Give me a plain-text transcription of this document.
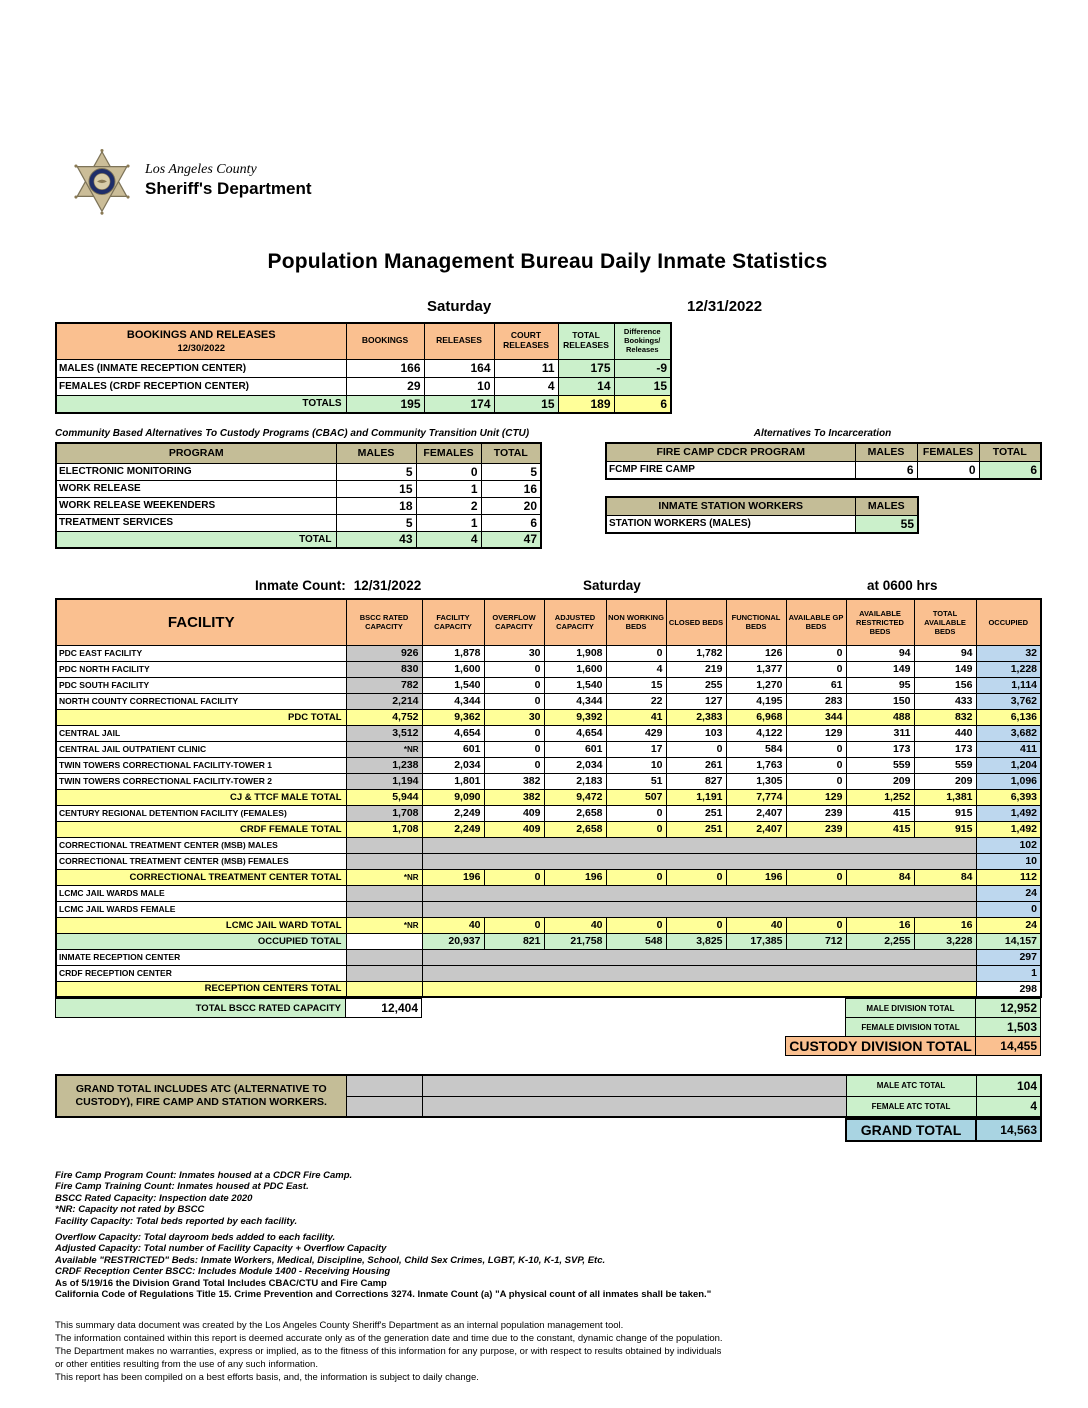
Los Angeles County
Sheriff's Department
Population Management Bureau Daily Inmate Statistics
Saturday	12/31/2022
BOOKINGS AND RELEASES
12/30/2022	BOOKINGS	RELEASES	COURT RELEASES	TOTAL RELEASES	Difference Bookings/ Releases
MALES (INMATE RECEPTION CENTER)	166	164	11	175	-9
FEMALES (CRDF RECEPTION CENTER)	29	10	4	14	15
TOTALS	195	174	15	189	6
Community Based Alternatives To Custody Programs (CBAC) and Community Transition Unit (CTU)
PROGRAM	MALES	FEMALES	TOTAL
ELECTRONIC MONITORING	5	0	5
WORK RELEASE	15	1	16
WORK RELEASE WEEKENDERS	18	2	20
TREATMENT SERVICES	5	1	6
TOTAL	43	4	47
Alternatives To Incarceration
FIRE CAMP CDCR PROGRAM	MALES	FEMALES	TOTAL
FCMP FIRE CAMP	6	0	6
INMATE STATION WORKERS	MALES
STATION WORKERS (MALES)	55
Inmate Count: 12/31/2022	Saturday	at 0600 hrs
FACILITY	BSCC RATED CAPACITY	FACILITY CAPACITY	OVERFLOW CAPACITY	ADJUSTED CAPACITY	NON WORKING BEDS	CLOSED BEDS	FUNCTIONAL BEDS	AVAILABLE GP BEDS	AVAILABLE RESTRICTED BEDS	TOTAL AVAILABLE BEDS	OCCUPIED
PDC EAST FACILITY	926	1,878	30	1,908	0	1,782	126	0	94	94	32
PDC NORTH FACILITY	830	1,600	0	1,600	4	219	1,377	0	149	149	1,228
PDC SOUTH FACILITY	782	1,540	0	1,540	15	255	1,270	61	95	156	1,114
NORTH COUNTY CORRECTIONAL FACILITY	2,214	4,344	0	4,344	22	127	4,195	283	150	433	3,762
PDC TOTAL	4,752	9,362	30	9,392	41	2,383	6,968	344	488	832	6,136
CENTRAL JAIL	3,512	4,654	0	4,654	429	103	4,122	129	311	440	3,682
CENTRAL JAIL OUTPATIENT CLINIC	*NR	601	0	601	17	0	584	0	173	173	411
TWIN TOWERS CORRECTIONAL FACILITY-TOWER 1	1,238	2,034	0	2,034	10	261	1,763	0	559	559	1,204
TWIN TOWERS CORRECTIONAL FACILITY-TOWER 2	1,194	1,801	382	2,183	51	827	1,305	0	209	209	1,096
CJ & TTCF MALE TOTAL	5,944	9,090	382	9,472	507	1,191	7,774	129	1,252	1,381	6,393
CENTURY REGIONAL DETENTION FACILITY (FEMALES)	1,708	2,249	409	2,658	0	251	2,407	239	415	915	1,492
CRDF FEMALE TOTAL	1,708	2,249	409	2,658	0	251	2,407	239	415	915	1,492
CORRECTIONAL TREATMENT CENTER (MSB) MALES											102
CORRECTIONAL TREATMENT CENTER (MSB) FEMALES											10
CORRECTIONAL TREATMENT CENTER TOTAL	*NR	196	0	196	0	0	196	0	84	84	112
LCMC JAIL WARDS MALE											24
LCMC JAIL WARDS FEMALE											0
LCMC JAIL WARD TOTAL	*NR	40	0	40	0	0	40	0	16	16	24
OCCUPIED TOTAL		20,937	821	21,758	548	3,825	17,385	712	2,255	3,228	14,157
INMATE RECEPTION CENTER											297
CRDF RECEPTION CENTER											1
RECEPTION CENTERS TOTAL											298
TOTAL BSCC RATED CAPACITY	12,404			MALE DIVISION TOTAL	12,952
				FEMALE DIVISION TOTAL	1,503
			CUSTODY DIVISION TOTAL		14,455
GRAND TOTAL INCLUDES ATC (ALTERNATIVE TO CUSTODY), FIRE CAMP AND STATION WORKERS.			MALE ATC TOTAL	104
			FEMALE ATC TOTAL	4
GRAND TOTAL	14,563
Fire Camp Program Count: Inmates housed at a CDCR Fire Camp.
Fire Camp Training Count: Inmates housed at PDC East.
BSCC Rated Capacity: Inspection date 2020
*NR: Capacity not rated by BSCC
Facility Capacity: Total beds reported by each facility.
Overflow Capacity: Total dayroom beds added to each facility.
Adjusted Capacity: Total number of Facility Capacity + Overflow Capacity
Available "RESTRICTED" Beds: Inmate Workers, Medical, Discipline, School, Child Sex Crimes, LGBT, K-10, K-1, SVP, Etc.
CRDF Reception Center BSCC: Includes Module 1400 - Receiving Housing
As of 5/19/16 the Division Grand Total Includes CBAC/CTU and Fire Camp
California Code of Regulations Title 15. Crime Prevention and Corrections 3274. Inmate Count (a) "A physical count of all inmates shall be taken."
This summary data document was created by the Los Angeles County Sheriff's Department as an internal population management tool.
The information contained within this report is deemed accurate only as of the generation date and time due to the constant, dynamic change of the population.
The Department makes no warranties, express or implied, as to the fitness of this information for any purpose, or with respect to results obtained by individuals
or other entities resulting from the use of any such information.
This report has been compiled on a best efforts basis, and, the information is subject to daily change.
